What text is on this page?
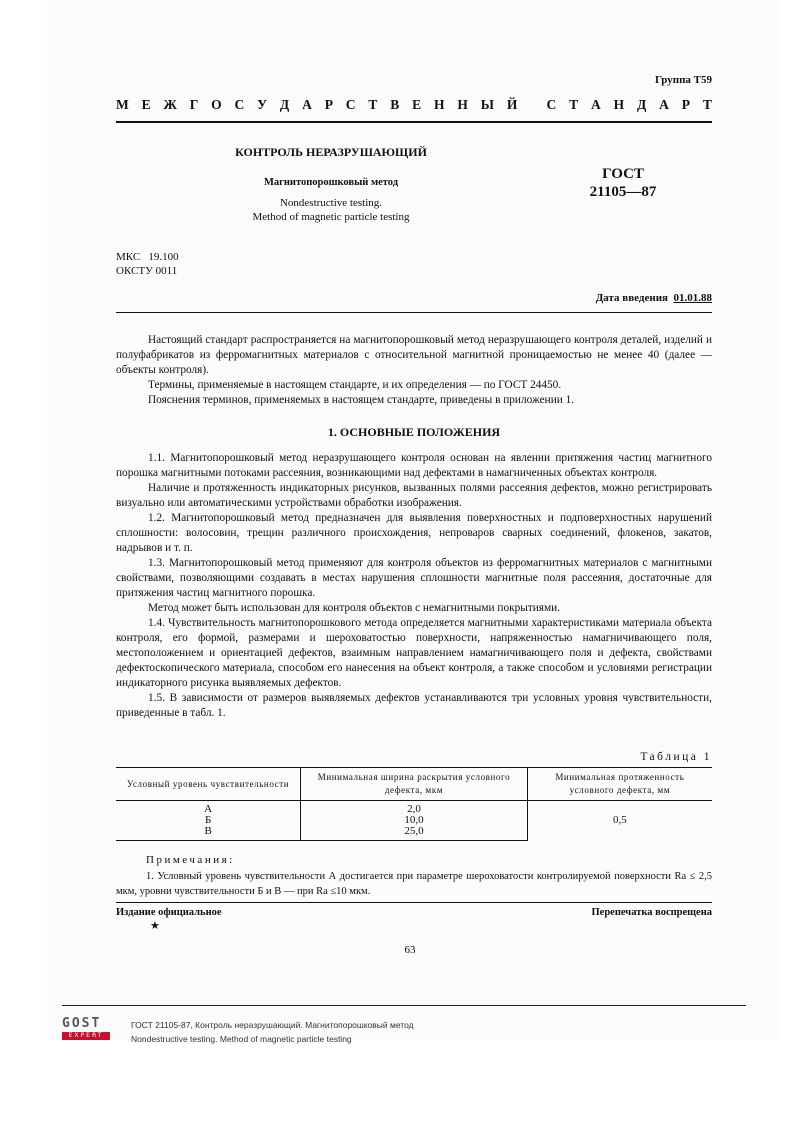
Группа Т59
М Е Ж Г О С У Д А Р С Т В Е Н Н Ы Й
С Т А Н Д А Р Т
КОНТРОЛЬ НЕРАЗРУШАЮЩИЙ
Магнитопорошковый метод
Nondestructive testing.
Method of magnetic particle testing
ГОСТ
21105—87
МКС   19.100
ОКСТУ 0011
Дата введения 01.01.88

Настоящий стандарт распространяется на магнитопорошковый метод неразрушающего контроля деталей, изделий и полуфабрикатов из ферромагнитных материалов с относительной магнитной проницаемостью не менее 40 (далее — объекты контроля).

Термины, применяемые в настоящем стандарте, и их определения — по ГОСТ 24450.

Пояснения терминов, применяемых в настоящем стандарте, приведены в приложении 1.

1. ОСНОВНЫЕ ПОЛОЖЕНИЯ

1.1. Магнитопорошковый метод неразрушающего контроля основан на явлении притяжения частиц магнитного порошка магнитными потоками рассеяния, возникающими над дефектами в намагниченных объектах контроля.

Наличие и протяженность индикаторных рисунков, вызванных полями рассеяния дефектов, можно регистрировать визуально или автоматическими устройствами обработки изображения.

1.2. Магнитопорошковый метод предназначен для выявления поверхностных и подповерхностных нарушений сплошности: волосовин, трещин различного происхождения, непроваров сварных соединений, флокенов, закатов, надрывов и т. п.

1.3. Магнитопорошковый метод применяют для контроля объектов из ферромагнитных материалов с магнитными свойствами, позволяющими создавать в местах нарушения сплошности магнитные поля рассеяния, достаточные для притяжения частиц магнитного порошка.

Метод может быть использован для контроля объектов с немагнитными покрытиями.

1.4. Чувствительность магнитопорошкового метода определяется магнитными характеристиками материала объекта контроля, его формой, размерами и шероховатостью поверхности, напряженностью намагничивающего поля, местоположением и ориентацией дефектов, взаимным направлением намагничивающего поля и дефекта, свойствами дефектоскопического материала, способом его нанесения на объект контроля, а также способом и условиями регистрации индикаторного рисунка выявляемых дефектов.

1.5. В зависимости от размеров выявляемых дефектов устанавливаются три условных уровня чувствительности, приведенные в табл. 1.

Таблица 1
Условный уровень чувствительности	Минимальная ширина раскрытия условного дефекта, мкм	Минимальная протяженность условного дефекта, мм
А	2,0	0,5
Б	10,0	
В	25,0	
Примечания:
1. Условный уровень чувствительности А достигается при параметре шероховатости контролируемой поверхности Ra ≤ 2,5 мкм, уровни чувствительности Б и В — при Ra ≤10 мкм.
Издание официальное	Перепечатка воспрещена
★
63
GOST
EXPERT
ГОСТ 21105-87, Контроль неразрушающий. Магнитопорошковый метод
Nondestructive testing. Method of magnetic particle testing
